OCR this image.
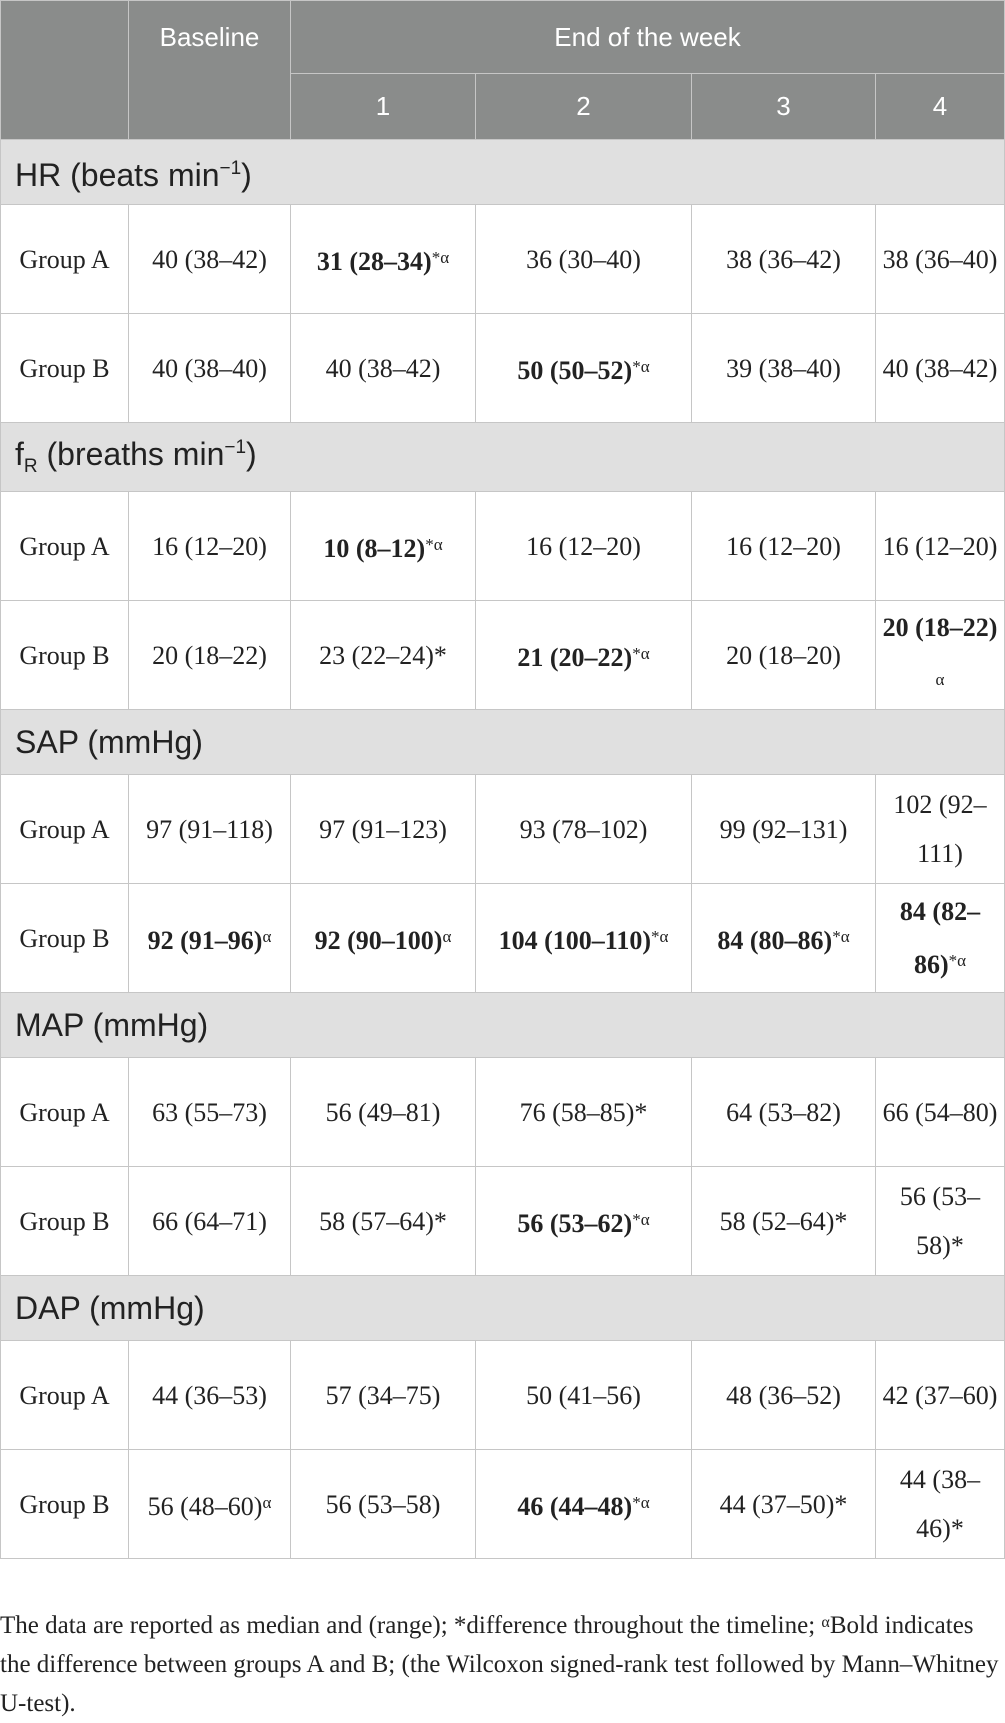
	Baseline	End of the week			
		1	2	3	4
HR (beats $\min^{-1}$)					
Group A	40 (38–42)	31 $(28-34)^{*\alpha}$	36 (30–40)	38 (36–42)	38 (36–40)
Group B	40 (38–40)	40 (38–42)	50 $(50-52)^{*\alpha}$	39 (38–40)	40 (38–42)
$f_R$ (breaths $\min^{-1}$)					
Group A	16 (12–20)	10 $(8-12)^{*\alpha}$	16 (12–20)	16 (12–20)	16 (12–20)
Group B	20 (18–22)	23 (22–24)*	21 $(20-22)^{*\alpha}$	20 (18–20)	20 (18–22) $^\alpha$
SAP (mmHg)					
Group A	97 (91–118)	97 (91–123)	93 (78–102)	99 (92–131)	102 (92–111)
Group B	92 $(91-96)^\alpha$	92 $(90-100)^\alpha$	104 $(100-110)^{*\alpha}$	84 $(80-86)^{*\alpha}$	84 $(82-86)^{*\alpha}$
MAP (mmHg)					
Group A	63 (55–73)	56 (49–81)	76 (58–85)*	64 (53–82)	66 (54–80)
Group B	66 (64–71)	58 (57–64)*	56 $(53-62)^{*\alpha}$	58 (52–64)*	56 (53–58)*
DAP (mmHg)					
Group A	44 (36–53)	57 (34–75)	50 (41–56)	48 (36–52)	42 (37–60)
Group B	56 $(48-60)^\alpha$	56 (53–58)	46 $(44-48)^{*\alpha}$	44 (37–50)*	44 (38–46)*

The data are reported as median and (range); *difference throughout the timeline; $^\alpha$Bold indicates the difference between groups A and B; (the Wilcoxon signed-rank test followed by Mann–Whitney U-test).
